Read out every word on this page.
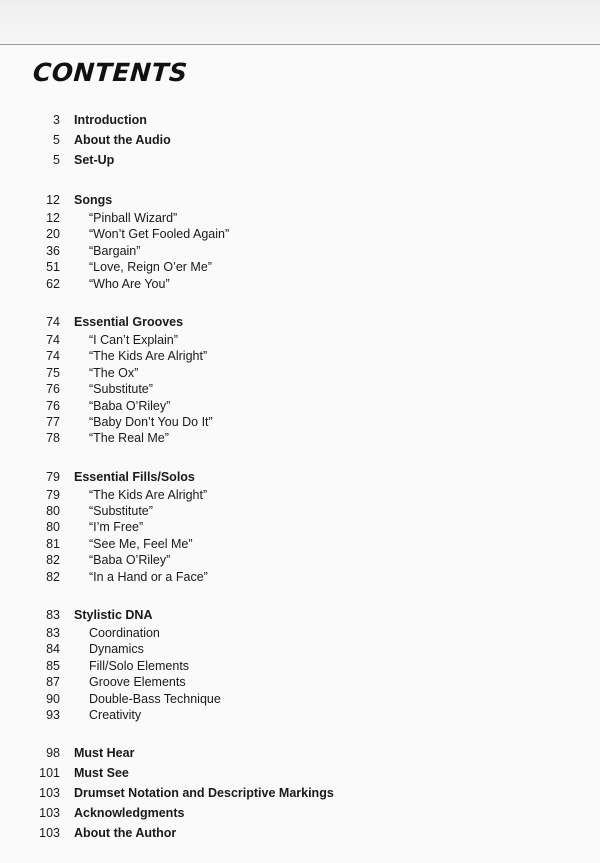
CONTENTS
3 Introduction
5 About the Audio
5 Set-Up
12 Songs
12 “Pinball Wizard”
20 “Won’t Get Fooled Again”
36 “Bargain”
51 “Love, Reign O’er Me”
62 “Who Are You”
74 Essential Grooves
74 “I Can’t Explain”
74 “The Kids Are Alright”
75 “The Ox”
76 “Substitute”
76 “Baba O’Riley”
77 “Baby Don’t You Do It”
78 “The Real Me”
79 Essential Fills/Solos
79 “The Kids Are Alright”
80 “Substitute”
80 “I’m Free”
81 “See Me, Feel Me”
82 “Baba O’Riley”
82 “In a Hand or a Face”
83 Stylistic DNA
83 Coordination
84 Dynamics
85 Fill/Solo Elements
87 Groove Elements
90 Double-Bass Technique
93 Creativity
98 Must Hear
101 Must See
103 Drumset Notation and Descriptive Markings
103 Acknowledgments
103 About the Author
